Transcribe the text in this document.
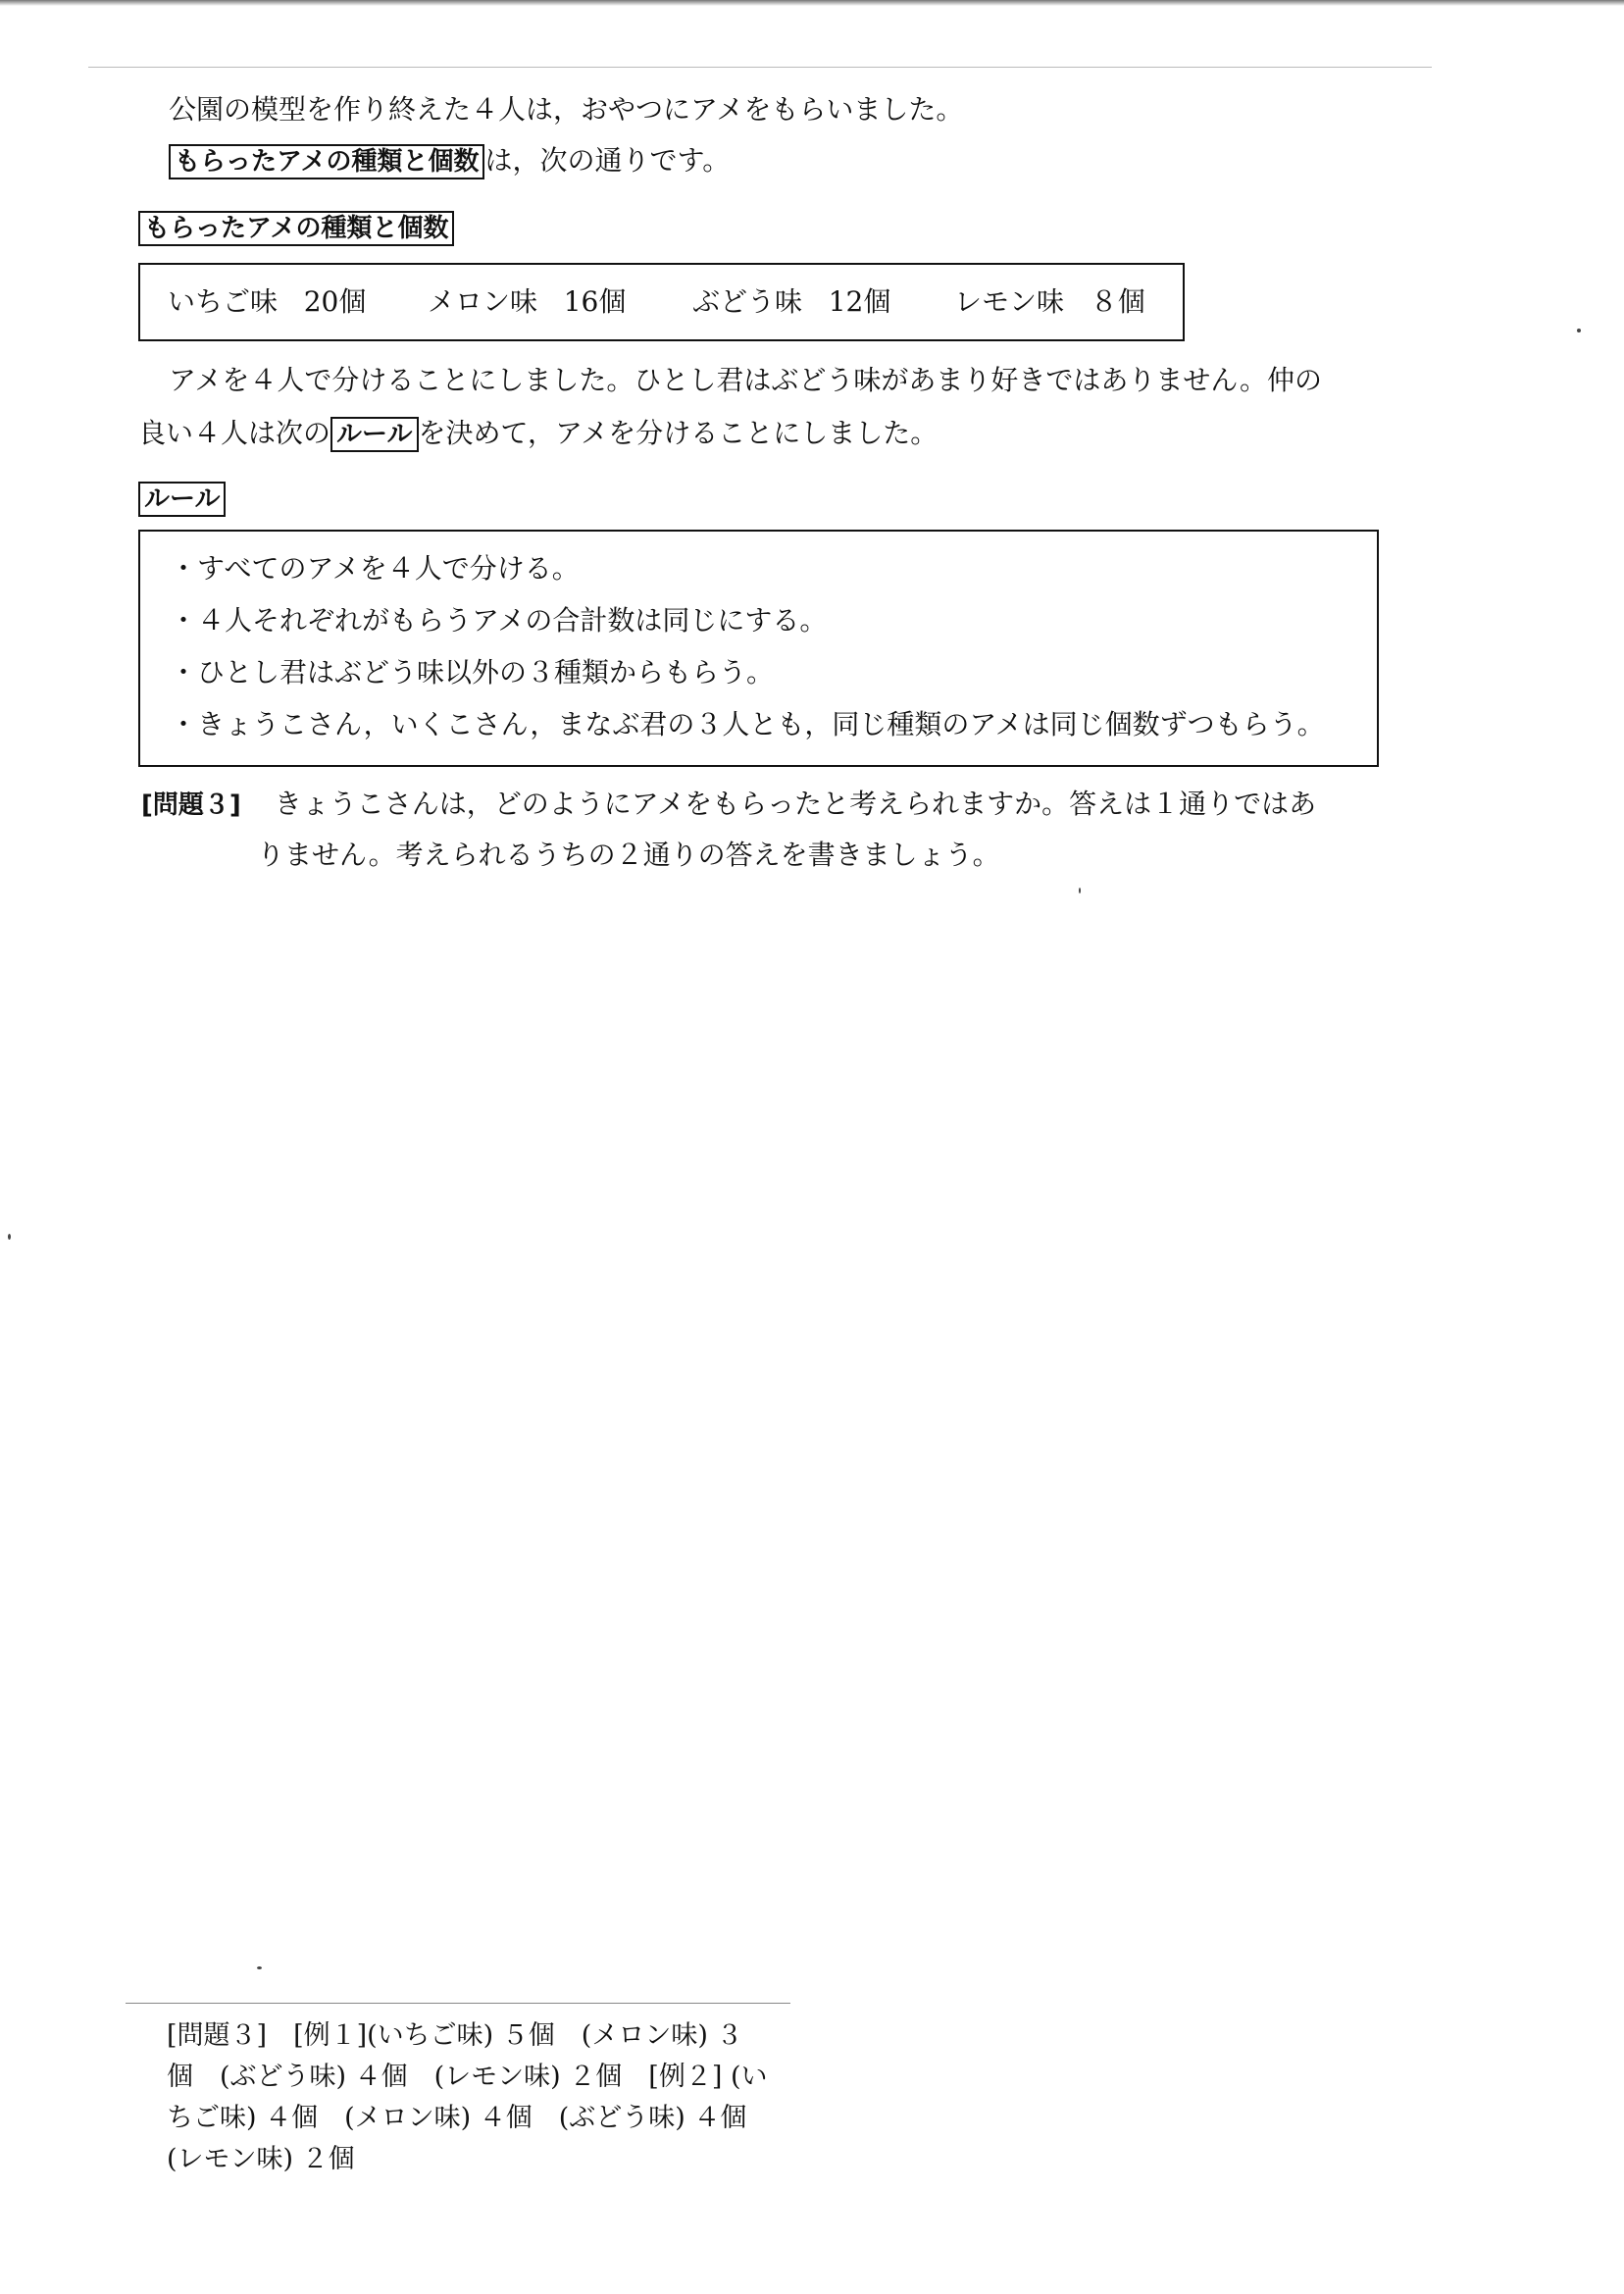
公園の模型を作り終えた４人は，おやつにアメをもらいました。
もらったアメの種類と個数 は，次の通りです。
もらったアメの種類と個数
いちご味 20個 メロン味 16個 ぶどう味 12個 レモン味 ８個
アメを４人で分けることにしました。ひとし君はぶどう味があまり好きではありません。仲の
良い４人は次の ルール を決めて，アメを分けることにしました。
ルール
・すべてのアメを４人で分ける。
・４人それぞれがもらうアメの合計数は同じにする。
・ひとし君はぶどう味以外の３種類からもらう。
・きょうこさん，いくこさん，まなぶ君の３人とも，同じ種類のアメは同じ個数ずつもらう。
[問題３] きょうこさんは，どのようにアメをもらったと考えられますか。答えは１通りではあ
りません。考えられるうちの２通りの答えを書きましょう。
[問題３]　[例１](いちご味) ５個　(メロン味) ３
個　(ぶどう味) ４個　(レモン味) ２個　[例２] (い
ちご味) ４個　(メロン味) ４個　(ぶどう味) ４個
(レモン味) ２個
